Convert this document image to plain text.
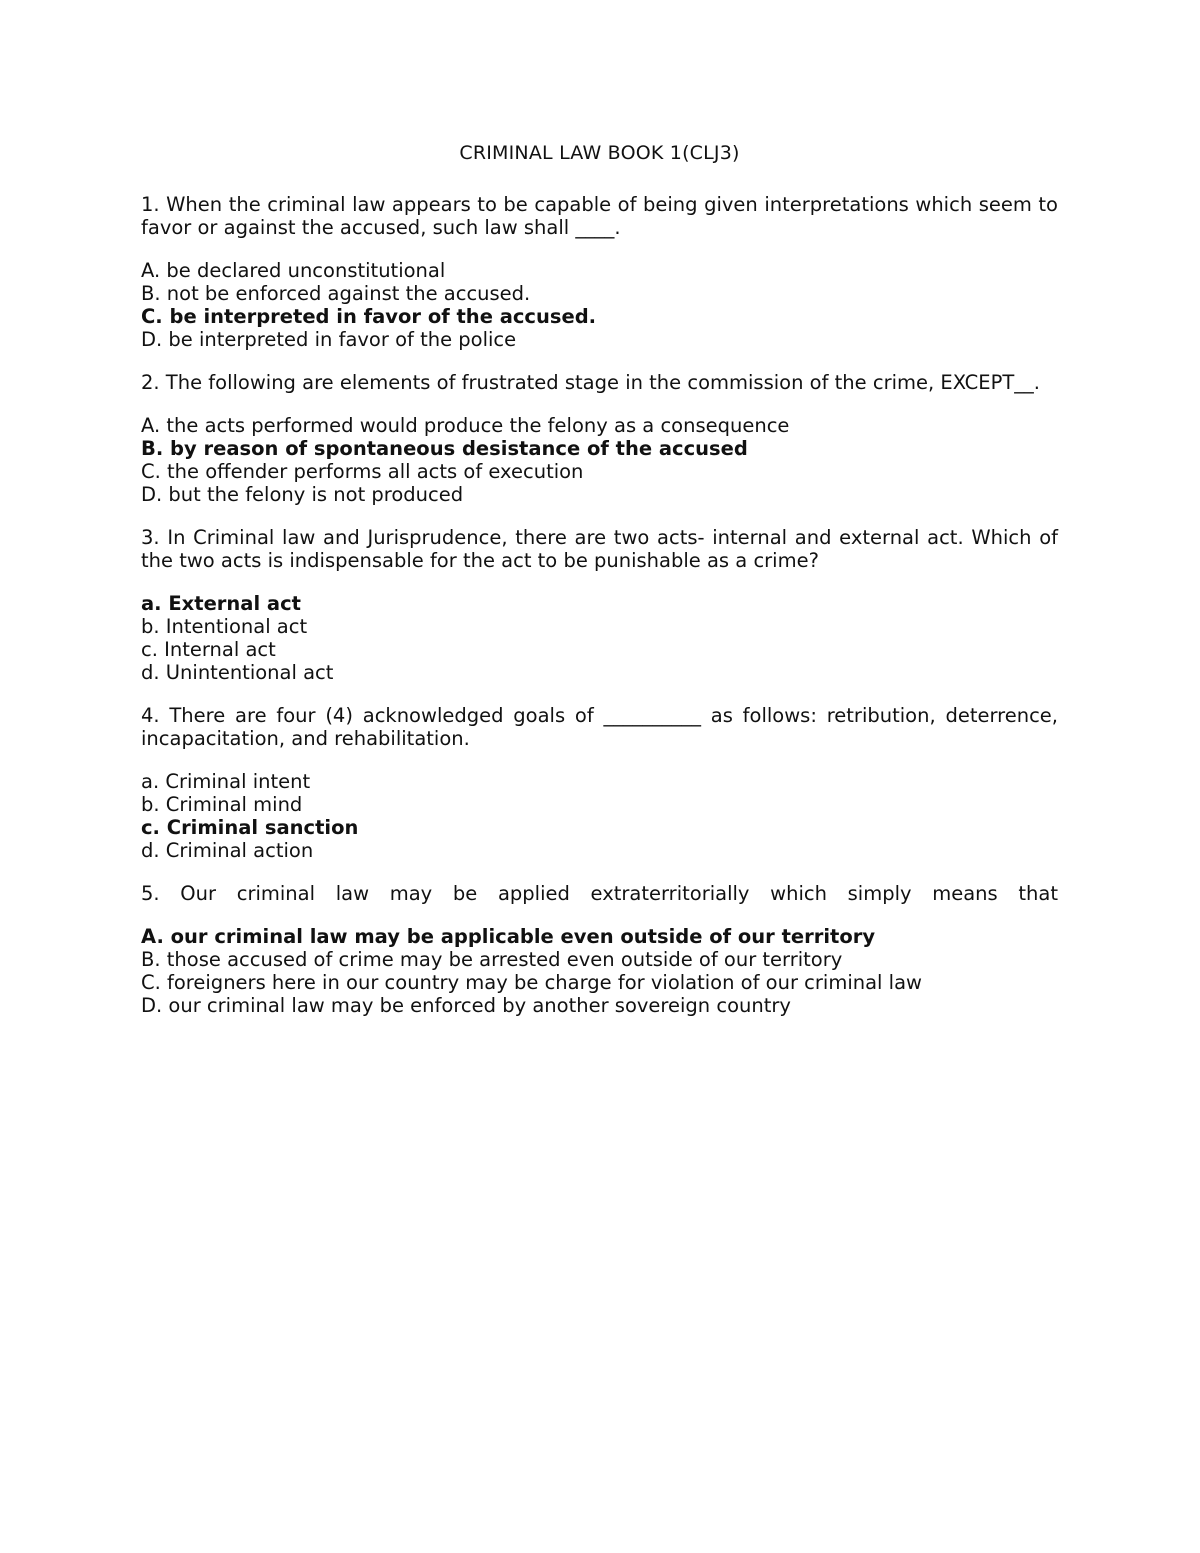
CRIMINAL LAW BOOK 1(CLJ3)

1. When the criminal law appears to be capable of being given interpretations which seem to favor or against the accused, such law shall ____.

A. be declared unconstitutional
B. not be enforced against the accused.
C. be interpreted in favor of the accused.
D. be interpreted in favor of the police

2. The following are elements of frustrated stage in the commission of the crime, EXCEPT__.

A. the acts performed would produce the felony as a consequence
B. by reason of spontaneous desistance of the accused
C. the offender performs all acts of execution
D. but the felony is not produced

3. In Criminal law and Jurisprudence, there are two acts- internal and external act. Which of the two acts is indispensable for the act to be punishable as a crime?

a. External act
b. Intentional act
c. Internal act
d. Unintentional act

4. There are four (4) acknowledged goals of __________ as follows: retribution, deterrence, incapacitation, and rehabilitation.

a. Criminal intent
b. Criminal mind
c. Criminal sanction
d. Criminal action

5. Our criminal law may be applied extraterritorially which simply means that

A. our criminal law may be applicable even outside of our territory
B. those accused of crime may be arrested even outside of our territory
C. foreigners here in our country may be charge for violation of our criminal law
D. our criminal law may be enforced by another sovereign country
